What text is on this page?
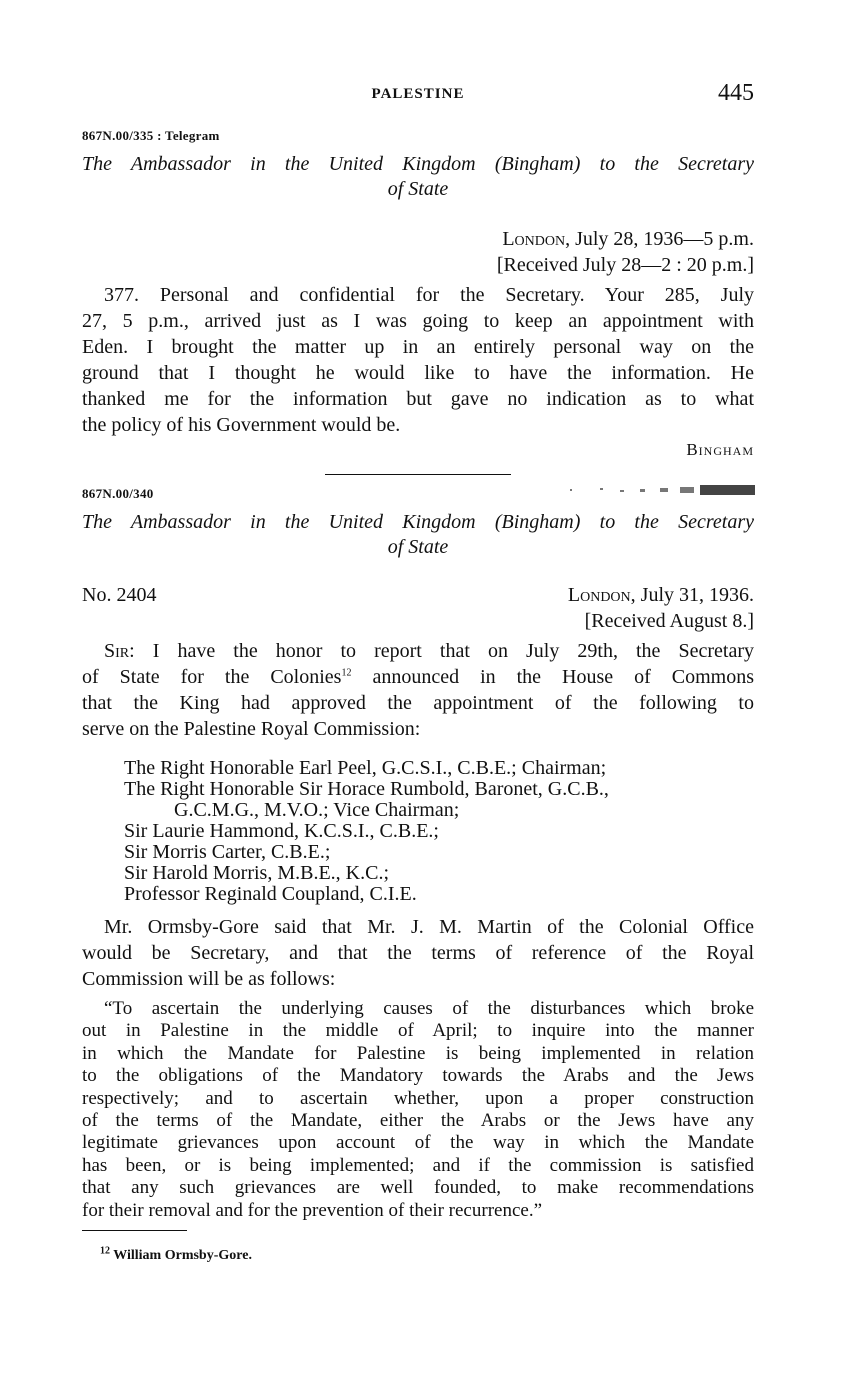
PALESTINE	445
867N.00/335 : Telegram
The Ambassador in the United Kingdom (Bingham) to the Secretary
of State
London, July 28, 1936—5 p.m.
[Received July 28—2 : 20 p.m.]
377. Personal and confidential for the Secretary. Your 285, July
27, 5 p.m., arrived just as I was going to keep an appointment with
Eden. I brought the matter up in an entirely personal way on the
ground that I thought he would like to have the information. He
thanked me for the information but gave no indication as to what
the policy of his Government would be.
Bingham
867N.00/340
The Ambassador in the United Kingdom (Bingham) to the Secretary
of State
No. 2404	London, July 31, 1936.
[Received August 8.]
Sir: I have the honor to report that on July 29th, the Secretary
of State for the Colonies$^{12}$ announced in the House of Commons
that the King had approved the appointment of the following to
serve on the Palestine Royal Commission:
The Right Honorable Earl Peel, G.C.S.I., C.B.E.; Chairman;
The Right Honorable Sir Horace Rumbold, Baronet, G.C.B.,
G.C.M.G., M.V.O.; Vice Chairman;
Sir Laurie Hammond, K.C.S.I., C.B.E.;
Sir Morris Carter, C.B.E.;
Sir Harold Morris, M.B.E., K.C.;
Professor Reginald Coupland, C.I.E.
Mr. Ormsby-Gore said that Mr. J. M. Martin of the Colonial Office
would be Secretary, and that the terms of reference of the Royal
Commission will be as follows:
“To ascertain the underlying causes of the disturbances which broke
out in Palestine in the middle of April; to inquire into the manner
in which the Mandate for Palestine is being implemented in relation
to the obligations of the Mandatory towards the Arabs and the Jews
respectively; and to ascertain whether, upon a proper construction
of the terms of the Mandate, either the Arabs or the Jews have any
legitimate grievances upon account of the way in which the Mandate
has been, or is being implemented; and if the commission is satisfied
that any such grievances are well founded, to make recommendations
for their removal and for the prevention of their recurrence.”
$^{12}$ William Ormsby-Gore.
